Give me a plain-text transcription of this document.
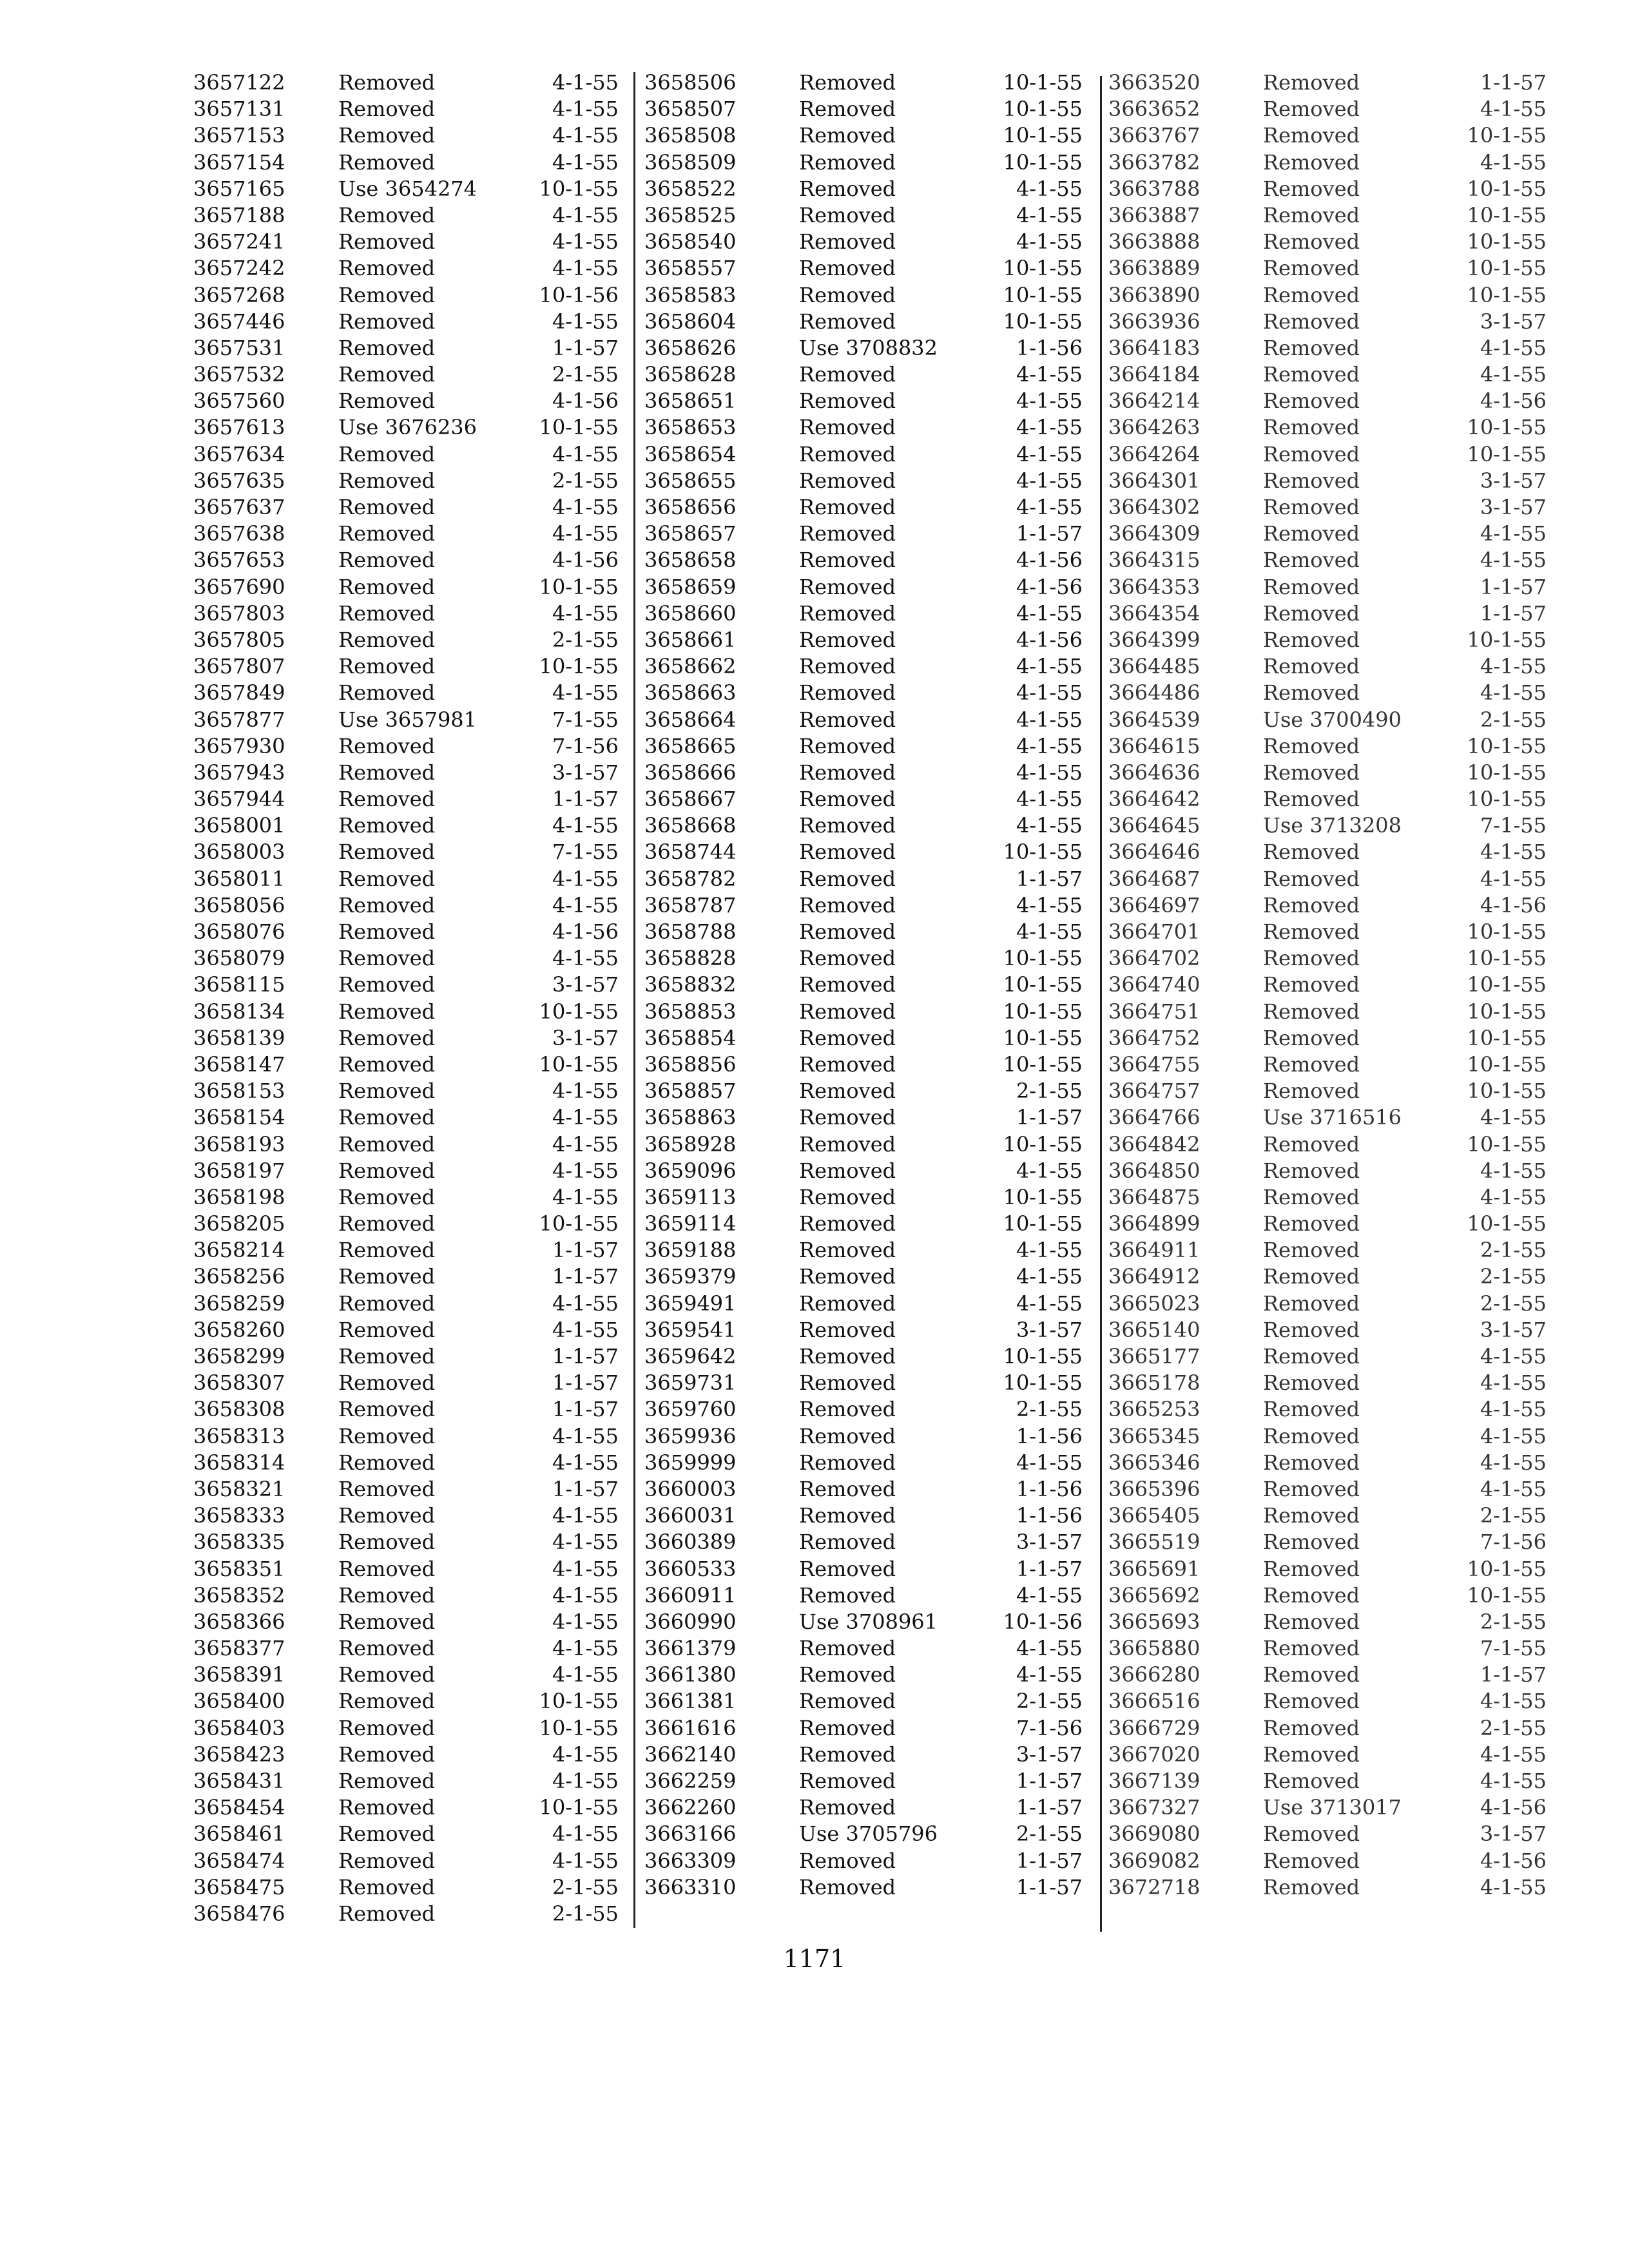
3657122	Removed	4-1-55
3657131	Removed	4-1-55
3657153	Removed	4-1-55
3657154	Removed	4-1-55
3657165	Use 3654274	10-1-55
3657188	Removed	4-1-55
3657241	Removed	4-1-55
3657242	Removed	4-1-55
3657268	Removed	10-1-56
3657446	Removed	4-1-55
3657531	Removed	1-1-57
3657532	Removed	2-1-55
3657560	Removed	4-1-56
3657613	Use 3676236	10-1-55
3657634	Removed	4-1-55
3657635	Removed	2-1-55
3657637	Removed	4-1-55
3657638	Removed	4-1-55
3657653	Removed	4-1-56
3657690	Removed	10-1-55
3657803	Removed	4-1-55
3657805	Removed	2-1-55
3657807	Removed	10-1-55
3657849	Removed	4-1-55
3657877	Use 3657981	7-1-55
3657930	Removed	7-1-56
3657943	Removed	3-1-57
3657944	Removed	1-1-57
3658001	Removed	4-1-55
3658003	Removed	7-1-55
3658011	Removed	4-1-55
3658056	Removed	4-1-55
3658076	Removed	4-1-56
3658079	Removed	4-1-55
3658115	Removed	3-1-57
3658134	Removed	10-1-55
3658139	Removed	3-1-57
3658147	Removed	10-1-55
3658153	Removed	4-1-55
3658154	Removed	4-1-55
3658193	Removed	4-1-55
3658197	Removed	4-1-55
3658198	Removed	4-1-55
3658205	Removed	10-1-55
3658214	Removed	1-1-57
3658256	Removed	1-1-57
3658259	Removed	4-1-55
3658260	Removed	4-1-55
3658299	Removed	1-1-57
3658307	Removed	1-1-57
3658308	Removed	1-1-57
3658313	Removed	4-1-55
3658314	Removed	4-1-55
3658321	Removed	1-1-57
3658333	Removed	4-1-55
3658335	Removed	4-1-55
3658351	Removed	4-1-55
3658352	Removed	4-1-55
3658366	Removed	4-1-55
3658377	Removed	4-1-55
3658391	Removed	4-1-55
3658400	Removed	10-1-55
3658403	Removed	10-1-55
3658423	Removed	4-1-55
3658431	Removed	4-1-55
3658454	Removed	10-1-55
3658461	Removed	4-1-55
3658474	Removed	4-1-55
3658475	Removed	2-1-55
3658476	Removed	2-1-55
3658506	Removed	10-1-55
3658507	Removed	10-1-55
3658508	Removed	10-1-55
3658509	Removed	10-1-55
3658522	Removed	4-1-55
3658525	Removed	4-1-55
3658540	Removed	4-1-55
3658557	Removed	10-1-55
3658583	Removed	10-1-55
3658604	Removed	10-1-55
3658626	Use 3708832	1-1-56
3658628	Removed	4-1-55
3658651	Removed	4-1-55
3658653	Removed	4-1-55
3658654	Removed	4-1-55
3658655	Removed	4-1-55
3658656	Removed	4-1-55
3658657	Removed	1-1-57
3658658	Removed	4-1-56
3658659	Removed	4-1-56
3658660	Removed	4-1-55
3658661	Removed	4-1-56
3658662	Removed	4-1-55
3658663	Removed	4-1-55
3658664	Removed	4-1-55
3658665	Removed	4-1-55
3658666	Removed	4-1-55
3658667	Removed	4-1-55
3658668	Removed	4-1-55
3658744	Removed	10-1-55
3658782	Removed	1-1-57
3658787	Removed	4-1-55
3658788	Removed	4-1-55
3658828	Removed	10-1-55
3658832	Removed	10-1-55
3658853	Removed	10-1-55
3658854	Removed	10-1-55
3658856	Removed	10-1-55
3658857	Removed	2-1-55
3658863	Removed	1-1-57
3658928	Removed	10-1-55
3659096	Removed	4-1-55
3659113	Removed	10-1-55
3659114	Removed	10-1-55
3659188	Removed	4-1-55
3659379	Removed	4-1-55
3659491	Removed	4-1-55
3659541	Removed	3-1-57
3659642	Removed	10-1-55
3659731	Removed	10-1-55
3659760	Removed	2-1-55
3659936	Removed	1-1-56
3659999	Removed	4-1-55
3660003	Removed	1-1-56
3660031	Removed	1-1-56
3660389	Removed	3-1-57
3660533	Removed	1-1-57
3660911	Removed	4-1-55
3660990	Use 3708961	10-1-56
3661379	Removed	4-1-55
3661380	Removed	4-1-55
3661381	Removed	2-1-55
3661616	Removed	7-1-56
3662140	Removed	3-1-57
3662259	Removed	1-1-57
3662260	Removed	1-1-57
3663166	Use 3705796	2-1-55
3663309	Removed	1-1-57
3663310	Removed	1-1-57
3663520	Removed	1-1-57
3663652	Removed	4-1-55
3663767	Removed	10-1-55
3663782	Removed	4-1-55
3663788	Removed	10-1-55
3663887	Removed	10-1-55
3663888	Removed	10-1-55
3663889	Removed	10-1-55
3663890	Removed	10-1-55
3663936	Removed	3-1-57
3664183	Removed	4-1-55
3664184	Removed	4-1-55
3664214	Removed	4-1-56
3664263	Removed	10-1-55
3664264	Removed	10-1-55
3664301	Removed	3-1-57
3664302	Removed	3-1-57
3664309	Removed	4-1-55
3664315	Removed	4-1-55
3664353	Removed	1-1-57
3664354	Removed	1-1-57
3664399	Removed	10-1-55
3664485	Removed	4-1-55
3664486	Removed	4-1-55
3664539	Use 3700490	2-1-55
3664615	Removed	10-1-55
3664636	Removed	10-1-55
3664642	Removed	10-1-55
3664645	Use 3713208	7-1-55
3664646	Removed	4-1-55
3664687	Removed	4-1-55
3664697	Removed	4-1-56
3664701	Removed	10-1-55
3664702	Removed	10-1-55
3664740	Removed	10-1-55
3664751	Removed	10-1-55
3664752	Removed	10-1-55
3664755	Removed	10-1-55
3664757	Removed	10-1-55
3664766	Use 3716516	4-1-55
3664842	Removed	10-1-55
3664850	Removed	4-1-55
3664875	Removed	4-1-55
3664899	Removed	10-1-55
3664911	Removed	2-1-55
3664912	Removed	2-1-55
3665023	Removed	2-1-55
3665140	Removed	3-1-57
3665177	Removed	4-1-55
3665178	Removed	4-1-55
3665253	Removed	4-1-55
3665345	Removed	4-1-55
3665346	Removed	4-1-55
3665396	Removed	4-1-55
3665405	Removed	2-1-55
3665519	Removed	7-1-56
3665691	Removed	10-1-55
3665692	Removed	10-1-55
3665693	Removed	2-1-55
3665880	Removed	7-1-55
3666280	Removed	1-1-57
3666516	Removed	4-1-55
3666729	Removed	2-1-55
3667020	Removed	4-1-55
3667139	Removed	4-1-55
3667327	Use 3713017	4-1-56
3669080	Removed	3-1-57
3669082	Removed	4-1-56
3672718	Removed	4-1-55
1171
